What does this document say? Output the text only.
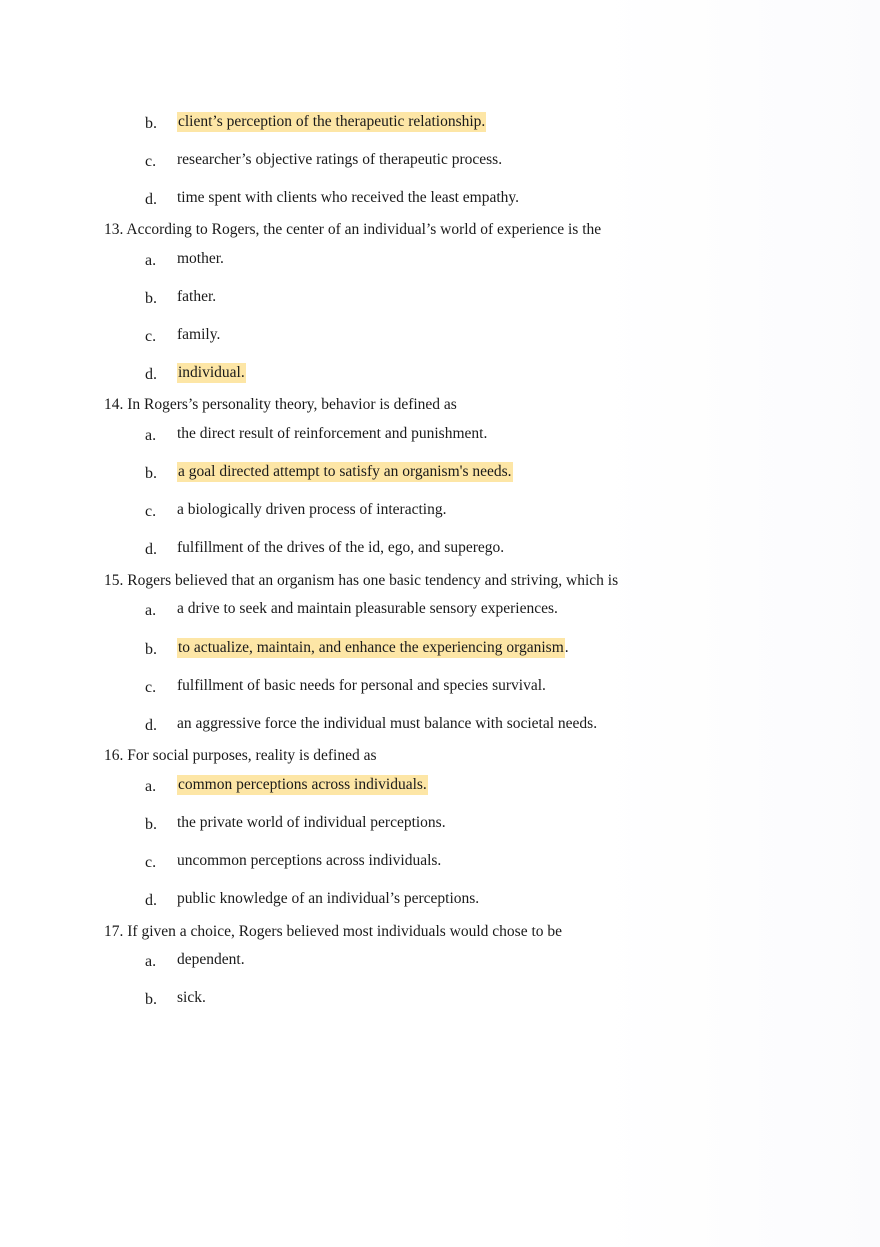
b.	client’s perception of the therapeutic relationship.
c.	researcher’s objective ratings of therapeutic process.
d.	time spent with clients who received the least empathy.
13. According to Rogers, the center of an individual’s world of experience is the
a.	mother.
b.	father.
c.	family.
d.	individual.
14. In Rogers’s personality theory, behavior is defined as
a.	the direct result of reinforcement and punishment.
b.	a goal directed attempt to satisfy an organism's needs.
c.	a biologically driven process of interacting.
d.	fulfillment of the drives of the id, ego, and superego.
15. Rogers believed that an organism has one basic tendency and striving, which is
a.	a drive to seek and maintain pleasurable sensory experiences.
b.	to actualize, maintain, and enhance the experiencing organism.
c.	fulfillment of basic needs for personal and species survival.
d.	an aggressive force the individual must balance with societal needs.
16. For social purposes, reality is defined as
a.	common perceptions across individuals.
b.	the private world of individual perceptions.
c.	uncommon perceptions across individuals.
d.	public knowledge of an individual’s perceptions.
17. If given a choice, Rogers believed most individuals would chose to be
a.	dependent.
b.	sick.
